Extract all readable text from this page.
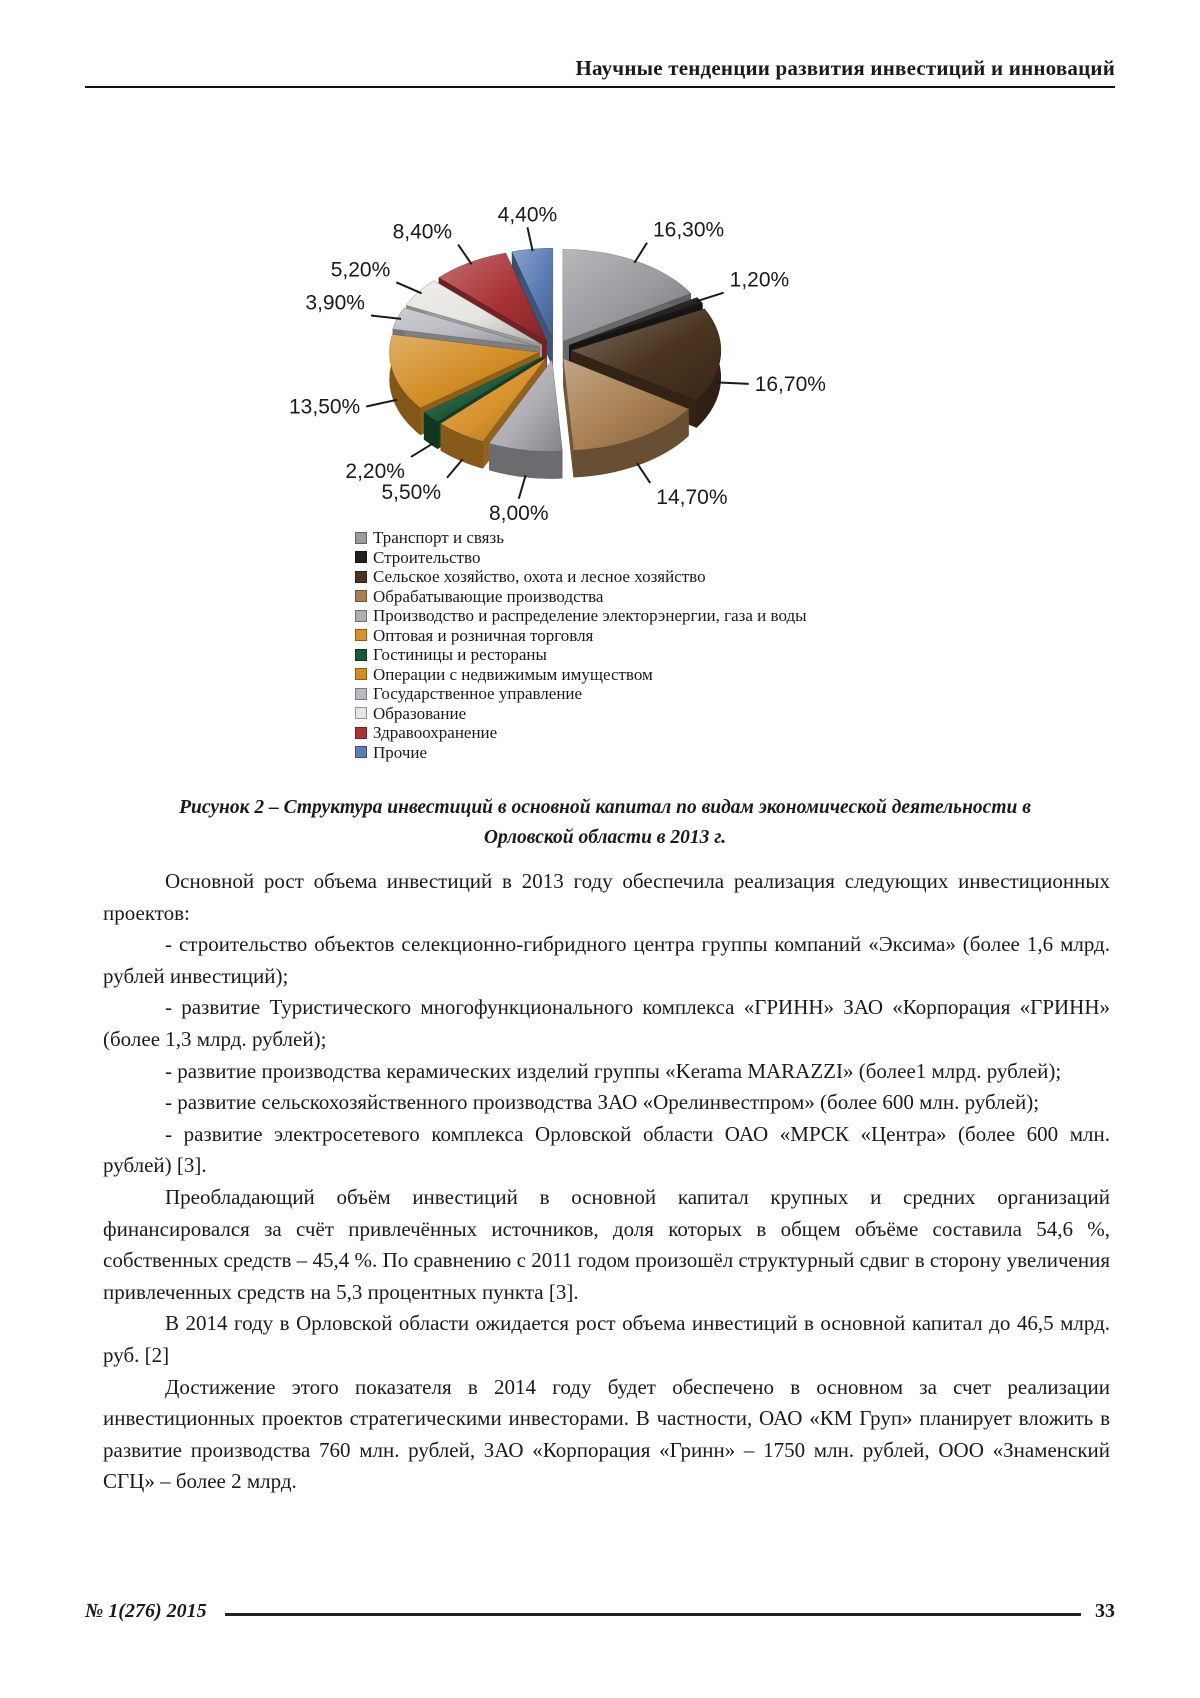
Научные тенденции развития инвестиций и инноваций
16,30%
1,20%
16,70%
14,70%
8,00%
5,50%
2,20%
13,50%
3,90%
5,20%
8,40%
4,40%
Транспорт и связь
Строительство
Сельское хозяйство, охота и лесное хозяйство
Обрабатывающие производства
Производство и распределение электорэнергии, газа и воды
Оптовая и розничная торговля
Гостиницы и рестораны
Операции с недвижимым имуществом
Государственное управление
Образование
Здравоохранение
Прочие
Рисунок 2 – Структура инвестиций в основной капитал по видам экономической деятельности в Орловской области в 2013 г.

Основной рост объема инвестиций в 2013 году обеспечила реализация следующих инвестиционных проектов:

- строительство объектов селекционно-гибридного центра группы компаний «Эксима» (более 1,6 млрд. рублей инвестиций);

- развитие Туристического многофункционального комплекса «ГРИНН» ЗАО «Корпорация «ГРИНН» (более 1,3 млрд. рублей);

- развитие производства керамических изделий группы «Kerama MARAZZI» (более1 млрд. рублей);

- развитие сельскохозяйственного производства ЗАО «Орелинвестпром» (более 600 млн. рублей);

- развитие электросетевого комплекса Орловской области ОАО «МРСК «Центра» (более 600 млн. рублей) [3].

Преобладающий объём инвестиций в основной капитал крупных и средних организаций финансировался за счёт привлечённых источников, доля которых в общем объёме составила 54,6 %, собственных средств – 45,4 %. По сравнению с 2011 годом произошёл структурный сдвиг в сторону увеличения привлеченных средств на 5,3 процентных пункта [3].

В 2014 году в Орловской области ожидается рост объема инвестиций в основной капитал до 46,5 млрд. руб. [2]

Достижение этого показателя в 2014 году будет обеспечено в основном за счет реализации инвестиционных проектов стратегическими инвесторами. В частности, ОАО «КМ Груп» планирует вложить в развитие производства 760 млн. рублей, ЗАО «Корпорация «Гринн» – 1750 млн. рублей, ООО «Знаменский СГЦ» – более 2 млрд.

№ 1(276) 2015	33
